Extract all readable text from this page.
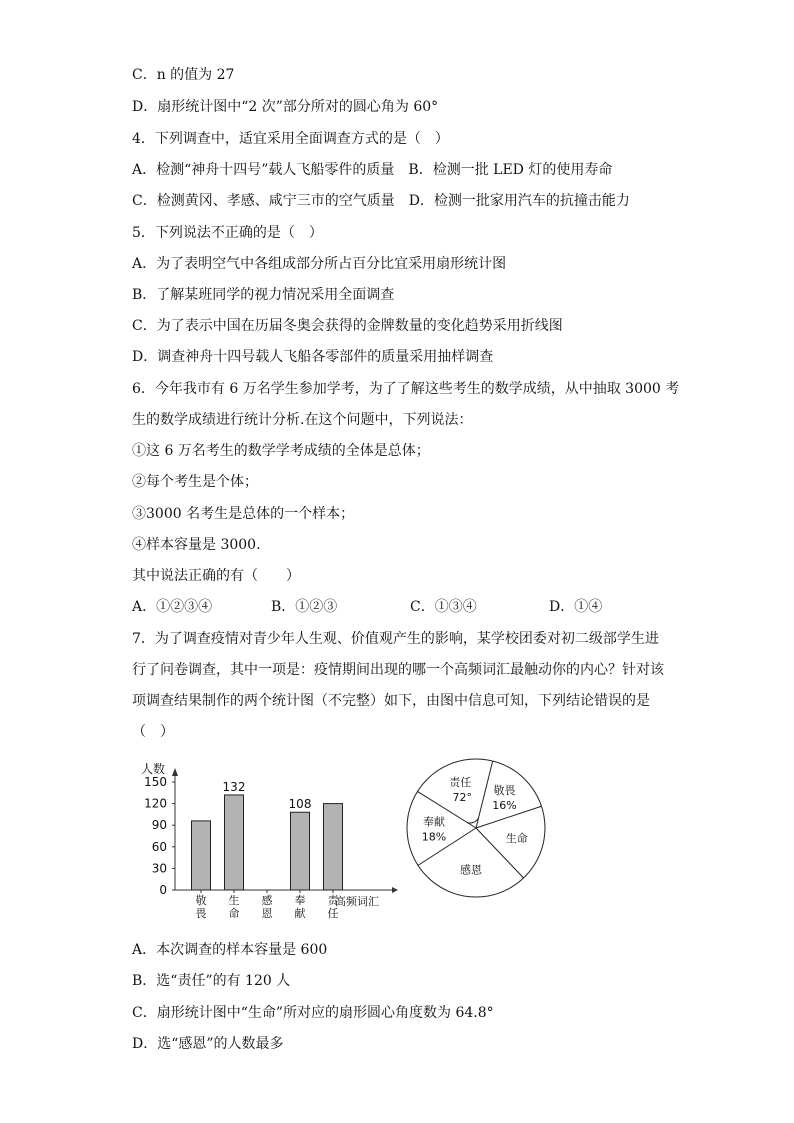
C．n 的值为 27
D．扇形统计图中“2 次”部分所对的圆心角为 60°
4．下列调查中，适宜采用全面调查方式的是（　）
A．检测“神舟十四号”载人飞船零件的质量　B．检测一批 LED 灯的使用寿命
C．检测黄冈、孝感、咸宁三市的空气质量　D．检测一批家用汽车的抗撞击能力
5．下列说法不正确的是（　）
A．为了表明空气中各组成部分所占百分比宜采用扇形统计图
B．了解某班同学的视力情况采用全面调查
C．为了表示中国在历届冬奥会获得的金牌数量的变化趋势采用折线图
D．调查神舟十四号载人飞船各零部件的质量采用抽样调查
6．今年我市有 6 万名学生参加学考，为了了解这些考生的数学成绩，从中抽取 3000 考
生的数学成绩进行统计分析.在这个问题中，下列说法：
①这 6 万名考生的数学学考成绩的全体是总体；
②每个考生是个体；
③3000 名考生是总体的一个样本；
④样本容量是 3000.
其中说法正确的有（　　）
A．①②③④	B．①②③	C．①③④	D．①④
7．为了调查疫情对青少年人生观、价值观产生的影响，某学校团委对初二级部学生进
行了问卷调查，其中一项是：疫情期间出现的哪一个高频词汇最触动你的内心？针对该
项调查结果制作的两个统计图（不完整）如下，由图中信息可知，下列结论错误的是
（　）
人数
高频词汇
0
30
60
90
120
150
敬
畏
132
生
命
感
恩
108
奉
献
责
任
敬畏
16%
生命
感恩
奉献
18%
责任
72°
A．本次调查的样本容量是 600
B．选“责任”的有 120 人
C．扇形统计图中“生命”所对应的扇形圆心角度数为 64.8°
D．选“感恩”的人数最多
